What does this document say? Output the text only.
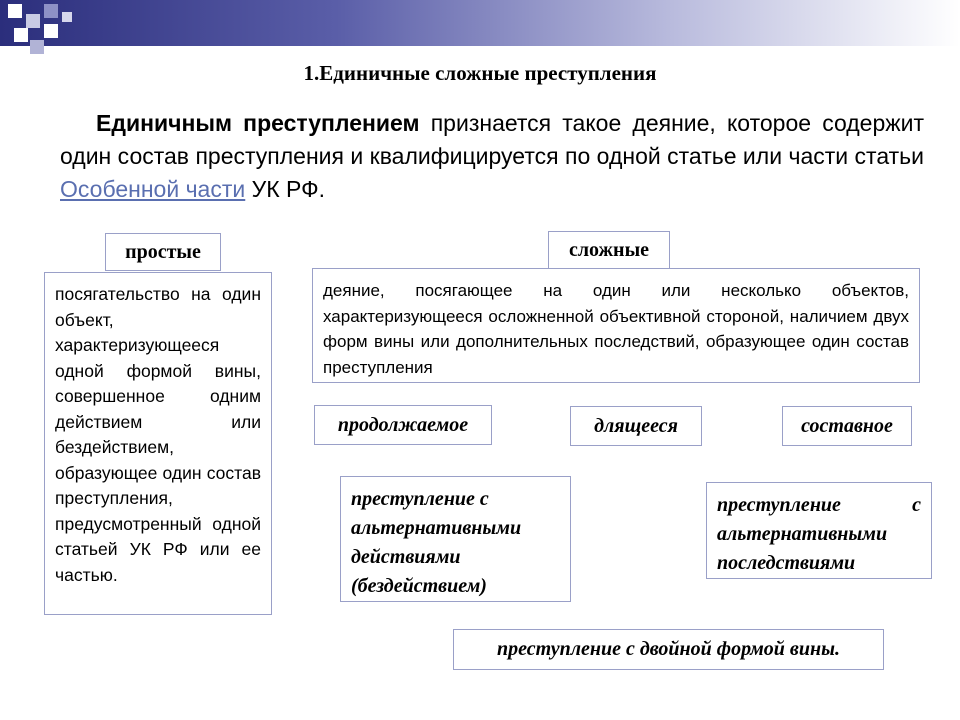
1.Единичные сложные преступления
Единичным преступлением признается такое деяние, которое содержит один состав преступления и квалифицируется по одной статье или части статьи Особенной части УК РФ.
простые
посягательство на один объект, характеризующееся одной формой вины, совершенное одним действием или бездействием, образующее один состав преступления, предусмотренный одной статьей УК РФ или ее частью.
сложные
деяние, посягающее на один или несколько объектов, характеризующееся осложненной объективной стороной, наличием двух форм вины или дополнительных последствий, образующее один состав преступления
продолжаемое	длящееся	составное
преступление с альтернативными действиями (бездействием)
преступление с альтернативными последствиями
преступление с двойной формой вины.
